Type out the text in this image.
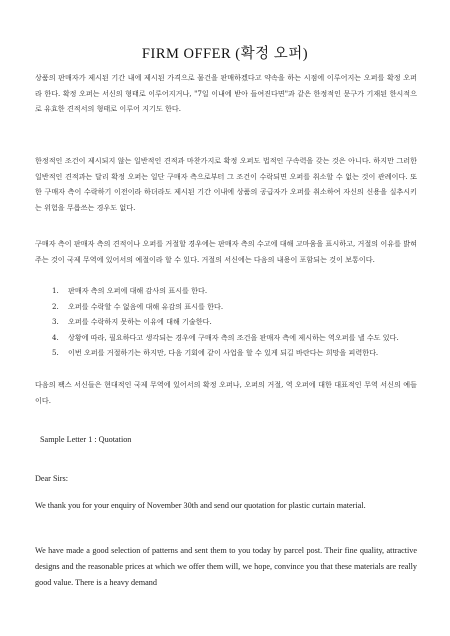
FIRM OFFER (확정 오퍼)

상품의 판매자가 제시된 기간 내에 제시된 가격으로 물건을 판매하겠다고 약속을 하는 시점에 이루어지는 오퍼를 확정 오퍼라 한다. 확정 오퍼는 서신의 형태로 이루어지거나, "7일 이내에 받아 들여진다면"과 같은 한정적인 문구가 기재된 한시적으로 유효한 견적서의 형태로 이루어 지기도 한다.

한정적인 조건이 제시되지 않는 일반적인 견적과 마찬가지로 확정 오퍼도 법적인 구속력을 갖는 것은 아니다. 하지만 그러한 일반적인 견적과는 달리 확정 오퍼는 일단 구매자 측으로부터 그 조건이 수락되면 오퍼를 취소할 수 없는 것이 관례이다. 또한 구매자 측이 수락하기 이전이라 하더라도 제시된 기간 이내에 상품의 공급자가 오퍼를 취소하여 자신의 신용을 실추시키는 위험을 무릅쓰는 경우도 없다.

구매자 측이 판매자 측의 견적이나 오퍼를 거절할 경우에는 판매자 측의 수고에 대해 고마움을 표시하고, 거절의 이유를 밝혀주는 것이 국제 무역에 있어서의 예절이라 할 수 있다. 거절의 서신에는 다음의 내용이 포함되는 것이 보통이다.

1. 판매자 측의 오퍼에 대해 감사의 표시를 한다.
2. 오퍼를 수락할 수 없음에 대해 유감의 표시를 한다.
3. 오퍼를 수락하지 못하는 이유에 대해 기술한다.
4. 상황에 따라, 필요하다고 생각되는 경우에 구매자 측의 조건을 판매자 측에 제시하는 역오퍼를 낼 수도 있다.
5. 이번 오퍼를 거절하기는 하지만, 다음 기회에 같이 사업을 할 수 있게 되길 바란다는 희망을 피력한다.

다음의 팩스 서신들은 현대적인 국제 무역에 있어서의 확정 오퍼나, 오퍼의 거절, 역 오퍼에 대한 대표적인 무역 서신의 예들이다.

Sample Letter 1 : Quotation

Dear Sirs:

We thank you for your enquiry of November 30th and send our quotation for plastic curtain material.

We have made a good selection of patterns and sent them to you today by parcel post. Their fine quality, attractive designs and the reasonable prices at which we offer them will, we hope, convince you that these materials are really good value. There is a heavy demand
